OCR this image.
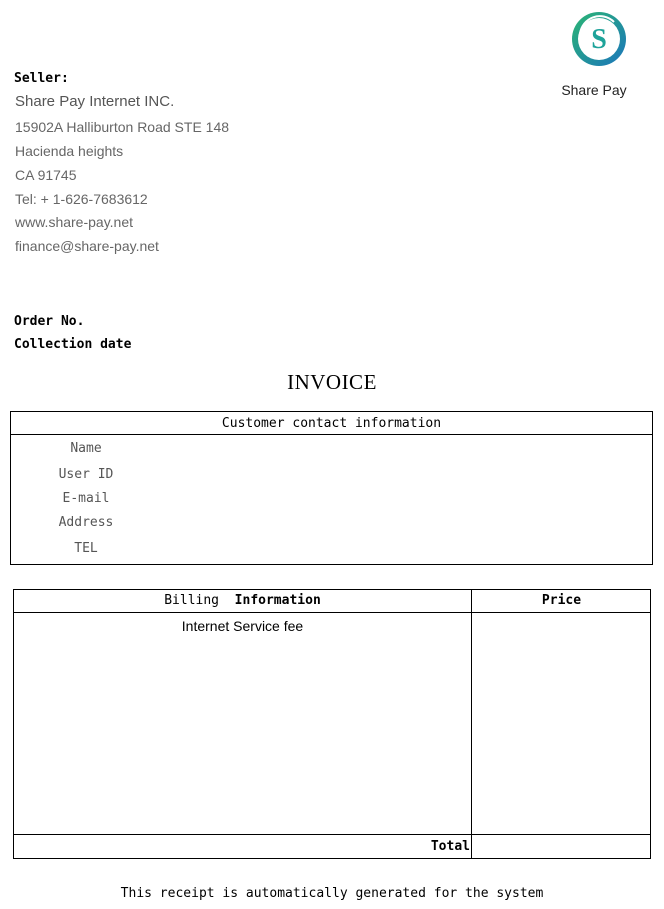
S
Share Pay
Seller:
Share Pay Internet INC.
15902A Halliburton Road STE 148
Hacienda heights
CA 91745
Tel: + 1-626-7683612
www.share-pay.net
finance@share-pay.net
Order No.
Collection date
INVOICE
Customer contact information
Name
User ID
E-mail
Address
TEL
Billing  Information	Price
Internet Service fee
Total
This receipt is automatically generated for the system
